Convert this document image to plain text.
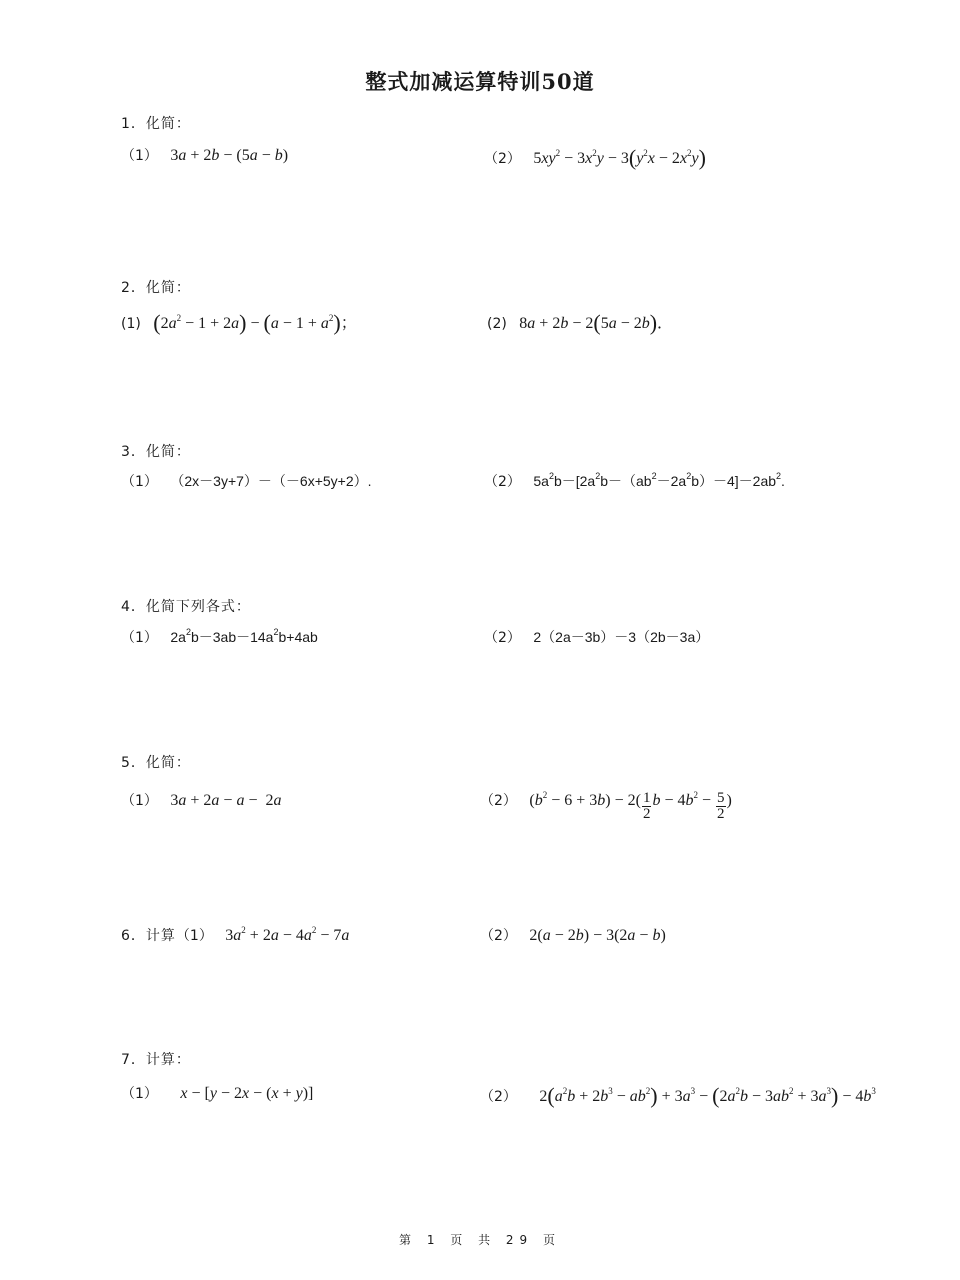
整式加减运算特训50道
1．化简：
（1） 3a + 2b − (5a − b)	（2） $5xy^2 - 3x^2y - 3(y^2x - 2x^2y)$
2．化简：
(1) $(2a^2 - 1 + 2a) - (a - 1 + a^2)$；	(2) 8a + 2b − 2(5a − 2b)．
3．化简：
（1） （2x－3y+7）－（－6x+5y+2）.	（2） $5a^2b-[2a^2b-(ab^2-2a^2b)-4]-2ab^2$.
4．化简下列各式：
（1） $2a^2b-3ab-14a^2b+4ab$	（2） 2（2a－3b）－3（2b－3a）
5．化简：
（1） 3a + 2a − a −  2a	（2） $(b^2 - 6 + 3b) - 2( \frac{1}{2}$ $b - 4b^2 - \frac{5}{2}$ )
6．计算（1） $3a^2 + 2a - 4a^2 - 7a$	（2） 2(a − 2b) − 3(2a − b)
7．计算：
（1） x − [y − 2x − (x + y)]	（2） $2(a^2b + 2b^3 - ab^2) + 3a^3 - (2a^2b - 3ab^2 + 3a^3) - 4b^3$
第 1 页 共 29 页
